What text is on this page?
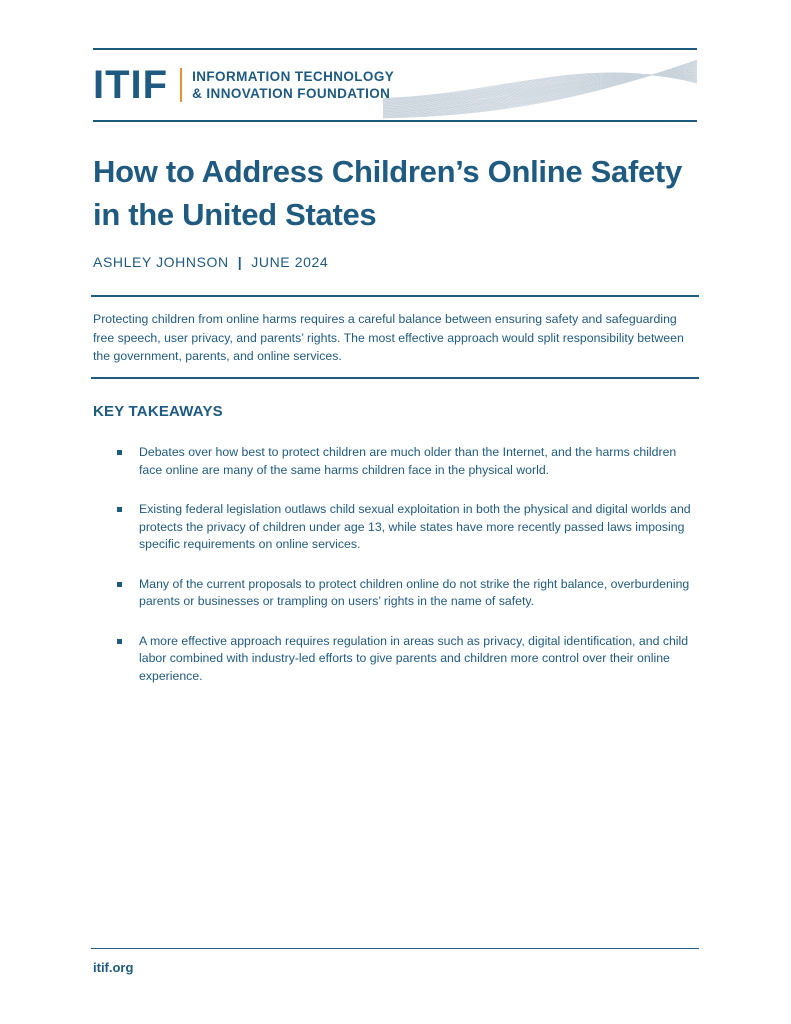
ITIF INFORMATION TECHNOLOGY
& INNOVATION FOUNDATION
How to Address Children’s Online Safety in the United States
ASHLEY JOHNSON | JUNE 2024

Protecting children from online harms requires a careful balance between ensuring safety and safeguarding free speech, user privacy, and parents’ rights. The most effective approach would split responsibility between the government, parents, and online services.

KEY TAKEAWAYS
Debates over how best to protect children are much older than the Internet, and the harms children face online are many of the same harms children face in the physical world.
Existing federal legislation outlaws child sexual exploitation in both the physical and digital worlds and protects the privacy of children under age 13, while states have more recently passed laws imposing specific requirements on online services.
Many of the current proposals to protect children online do not strike the right balance, overburdening parents or businesses or trampling on users’ rights in the name of safety.
A more effective approach requires regulation in areas such as privacy, digital identification, and child labor combined with industry-led efforts to give parents and children more control over their online experience.
itif.org
